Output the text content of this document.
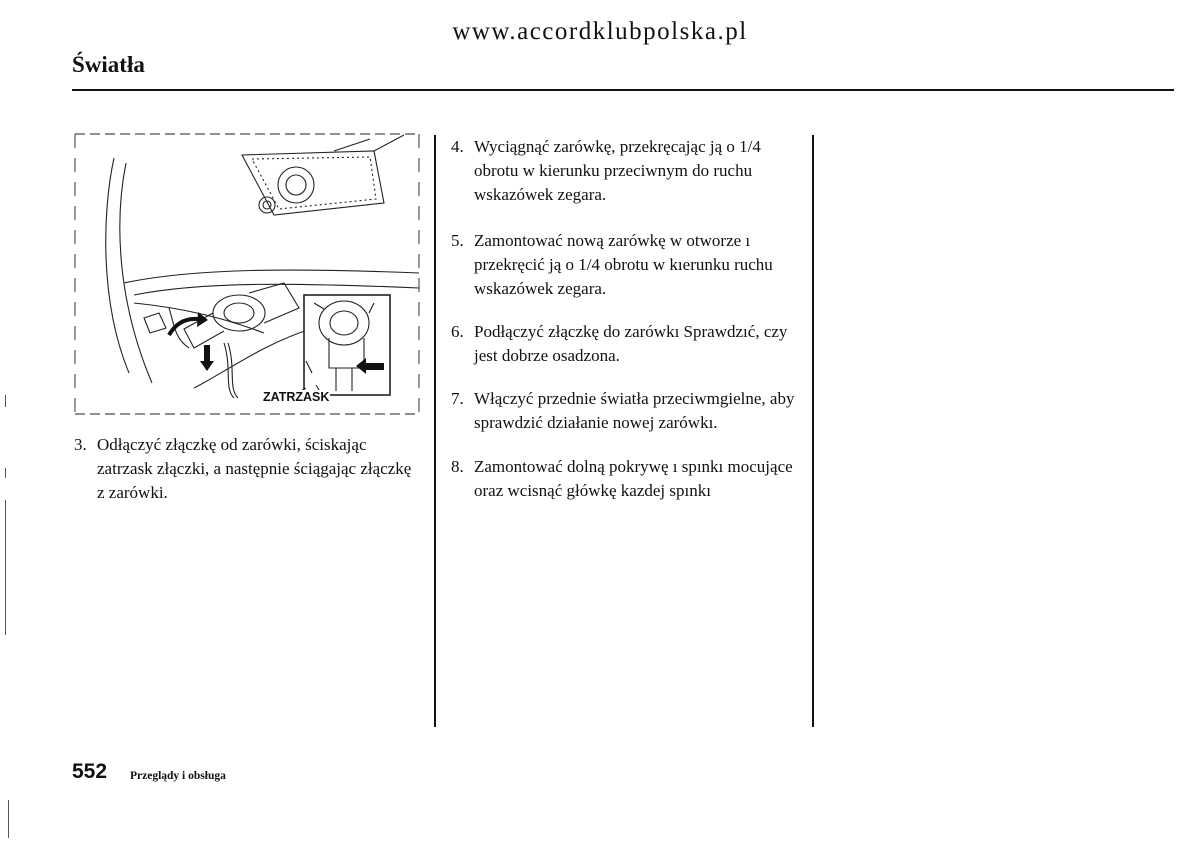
www.accordklubpolska.pl
Światła
ZATRZASK
3. Odłączyć złączkę od zarówki, ściskając zatrzask złączki, a następnie ściągając złączkę z zarówki.
4. Wyciągnąć zarówkę, przekręcając ją o 1/4 obrotu w kierunku przeciwnym do ruchu wskazówek zegara.
5. Zamontować nową zarówkę w otworze ı przekręcić ją o 1/4 obrotu w kıerunku ruchu wskazówek zegara.
6. Podłączyć złączkę do zarówkı Sprawdzıć, czy jest dobrze osadzona.
7. Włączyć przednie światła przeciwmgielne, aby sprawdzić działanie nowej zarówkı.
8. Zamontować dolną pokrywę ı spınkı mocujące oraz wcisnąć główkę kazdej spınkı
552 Przeglądy i obsługa
